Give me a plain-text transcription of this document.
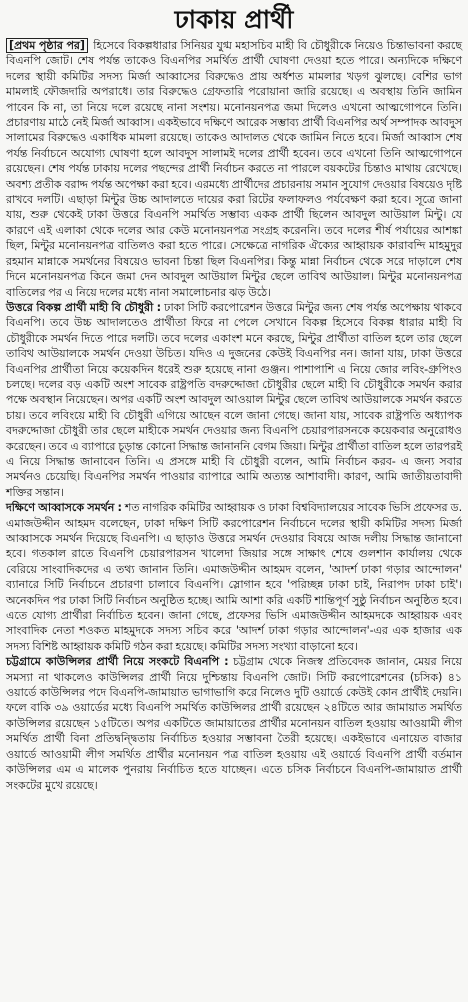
ঢাকায় প্রার্থী

[প্রথম পৃষ্ঠার পর] হিসেবে বিকল্পধারার সিনিয়র যুগ্ম মহাসচিব মাহী বি চৌধুরীকে নিয়েও চিন্তাভাবনা করছে বিএনপি জোট। শেষ পর্যন্ত তাকেও বিএনপির সমর্থিত প্রার্থী ঘোষণা দেওয়া হতে পারে। অন্যদিকে দক্ষিণে দলের স্থায়ী কমিটির সদস্য মির্জা আব্বাসের বিরুদ্ধেও প্রায় অর্ধশত মামলার খড়গ ঝুলছে। বেশির ভাগ মামলাই ফৌজদারি অপরাধে। তার বিরুদ্ধেও গ্রেফতারি পরোয়ানা জারি রয়েছে। এ অবস্থায় তিনি জামিন পাবেন কি না, তা নিয়ে দলে রয়েছে নানা সংশয়। মনোনয়নপত্র জমা দিলেও এখনো আত্মগোপনে তিনি। প্রচারণায় মাঠে নেই মির্জা আব্বাস। একইভাবে দক্ষিণে আরেক সম্ভাব্য প্রার্থী বিএনপির অর্থ সম্পাদক আবদুস সালামের বিরুদ্ধেও একাধিক মামলা রয়েছে। তাকেও আদালত থেকে জামিন নিতে হবে। মির্জা আব্বাস শেষ পর্যন্ত নির্বাচনে অযোগ্য ঘোষণা হলে আবদুস সালামই দলের প্রার্থী হবেন। তবে এখনো তিনি আত্মগোপনে রয়েছেন। শেষ পর্যন্ত ঢাকায় দলের পছন্দের প্রার্থী নির্বাচন করতে না পারলে বয়কটের চিন্তাও মাথায় রেখেছে। অবশ্য প্রতীক বরাদ্দ পর্যন্ত অপেক্ষা করা হবে। এরমধ্যে প্রার্থীদের প্রচারনায় সমান সুযোগ দেওয়ার বিষয়েও দৃষ্টি রাখবে দলটি। এছাড়া মিন্টুর উচ্চ আদালতে দায়ের করা রিটের ফলাফলও পর্যবেক্ষণ করা হবে। সূত্রে জানা যায়, শুরু থেকেই ঢাকা উত্তরে বিএনপি সমর্থিত সম্ভাব্য একক প্রার্থী ছিলেন আবদুল আউয়াল মিন্টু। যে কারণে এই এলাকা থেকে দলের আর কেউ মনোনয়নপত্র সংগ্রহ করেননি। তবে দলের শীর্ষ পর্যায়ের আশঙ্কা ছিল, মিন্টুর মনোনয়নপত্র বাতিলও করা হতে পারে। সেক্ষেত্রে নাগরিক ঐক্যের আহ্বায়ক কারাবন্দি মাহমুদুর রহমান মান্নাকে সমর্থনের বিষয়েও ভাবনা চিন্তা ছিল বিএনপির। কিন্তু মান্না নির্বাচন থেকে সরে দাড়ালে শেষ দিনে মনোনয়নপত্র কিনে জমা দেন আবদুল আউয়াল মিন্টুর ছেলে তাবিথ আউয়াল। মিন্টুর মনোনয়নপত্র বাতিলের পর এ নিয়ে দলের মধ্যে নানা সমালোচনার ঝড় উঠে।

উত্তরে বিকল্প প্রার্থী মাহী বি চৌধুরী : ঢাকা সিটি করপোরেশন উত্তরে মিন্টুর জন্য শেষ পর্যন্ত অপেক্ষায় থাকবে বিএনপি। তবে উচ্চ আদালতেও প্রার্থীতা ফিরে না পেলে সেখানে বিকল্প হিসেবে বিকল্প ধারার মাহী বি চৌধুরীকে সমর্থন দিতে পারে দলটি। তবে দলের একাংশ মনে করছে, মিন্টুর প্রার্থীতা বাতিল হলে তার ছেলে তাবিথ আউয়ালকে সমর্থন দেওয়া উচিত। যদিও এ দুজনের কেউই বিএনপির নন। জানা যায়, ঢাকা উত্তরে বিএনপির প্রার্থীতা নিয়ে কয়েকদিন ধরেই শুরু হয়েছে নানা গুঞ্জন। পাশাপাশি এ নিয়ে জোর লবিং-গ্রুপিংও চলছে। দলের বড় একটি অংশ সাবেক রাষ্ট্রপতি বদরুদ্দোজা চৌধুরীর ছেলে মাহী বি চৌধুরীকে সমর্থন করার পক্ষে অবস্থান নিয়েছেন। অপর একটি অংশ আবদুল আওয়াল মিন্টুর ছেলে তাবিথ আউয়ালকে সমর্থন করতে চায়। তবে লবিংয়ে মাহী বি চৌধুরী এগিয়ে আছেন বলে জানা গেছে। জানা যায়, সাবেক রাষ্ট্রপতি অধ্যাপক বদরুদ্দোজা চৌধুরী তার ছেলে মাহীকে সমর্থন দেওয়ার জন্য বিএনপি চেয়ারপারসনকে কয়েকবার অনুরোধও করেছেন। তবে এ ব্যাপারে চূড়ান্ত কোনো সিদ্ধান্ত জানাননি বেগম জিয়া। মিন্টুর প্রার্থীতা বাতিল হলে তারপরই এ নিয়ে সিদ্ধান্ত জানাবেন তিনি। এ প্রসঙ্গে মাহী বি চৌধুরী বলেন, আমি নির্বাচন করব- এ জন্য সবার সমর্থনও চেয়েছি। বিএনপির সমর্থন পাওয়ার ব্যাপারে আমি অত্যন্ত আশাবাদী। কারণ, আমি জাতীয়তাবাদী শক্তির সন্তান।

দক্ষিণে আব্বাসকে সমর্থন : শত নাগরিক কমিটির আহ্বায়ক ও ঢাকা বিশ্ববিদ্যালয়ের সাবেক ভিসি প্রফেসর ড. এমাজউদ্দীন আহমদ বলেছেন, ঢাকা দক্ষিণ সিটি করপোরেশন নির্বাচনে দলের স্থায়ী কমিটির সদস্য মির্জা আব্বাসকে সমর্থন দিয়েছে বিএনপি। এ ছাড়াও উত্তরে সমর্থন দেওয়ার বিষয়ে আজ দলীয় সিদ্ধান্ত জানানো হবে। গতকাল রাতে বিএনপি চেয়ারপারসন খালেদা জিয়ার সঙ্গে সাক্ষাৎ শেষে গুলশান কার্যালয় থেকে বেরিয়ে সাংবাদিকদের এ তথ্য জানান তিনি। এমাজউদ্দীন আহমদ বলেন, 'আদর্শ ঢাকা গড়ার আন্দোলন' ব্যানারে সিটি নির্বাচনে প্রচারণা চালাবে বিএনপি। স্লোগান হবে 'পরিচ্ছন্ন ঢাকা চাই, নিরাপদ ঢাকা চাই'। অনেকদিন পর ঢাকা সিটি নির্বাচন অনুষ্ঠিত হচ্ছে। আমি আশা করি একটি শান্তিপূর্ণ সুষ্ঠু নির্বাচন অনুষ্ঠিত হবে। এতে যোগ্য প্রার্থীরা নির্বাচিত হবেন। জানা গেছে, প্রফেসর ভিসি এমাজউদ্দীন আহমদকে আহ্বায়ক এবং সাংবাদিক নেতা শওকত মাহমুদকে সদস্য সচিব করে 'আদর্শ ঢাকা গড়ার আন্দোলন'-এর এক হাজার এক সদস্য বিশিষ্ট আহ্বায়ক কমিটি গঠন করা হয়েছে। কমিটির সদস্য সংখ্যা বাড়ানো হবে।

চট্টগ্রামে কাউন্সিলর প্রার্থী নিয়ে সংকটে বিএনপি : চট্টগ্রাম থেকে নিজস্ব প্রতিবেদক জানান, মেয়র নিয়ে সমস্যা না থাকলেও কাউন্সিলর প্রার্থী নিয়ে দুশ্চিন্তায় বিএনপি জোট। সিটি করপোরেশনের (চসিক) ৪১ ওয়ার্ডে কাউন্সিলর পদে বিএনপি-জামায়াত ভাগাভাগি করে নিলেও দুটি ওয়ার্ডে কেউই কোন প্রার্থীই দেয়নি। ফলে বাকি ৩৯ ওয়ার্ডের মধ্যে বিএনপি সমর্থিত কাউন্সিলর প্রার্থী রয়েছেন ২৪টিতে আর জামায়াত সমর্থিত কাউন্সিলর রয়েছেন ১৫টিতে। অপর একটিতে জামায়াতের প্রার্থীর মনোনয়ন বাতিল হওয়ায় আওয়ামী লীগ সমর্থিত প্রার্থী বিনা প্রতিদ্বন্দ্বিতায় নির্বাচিত হওয়ার সম্ভাবনা তৈরী হয়েছে। একইভাবে এনায়েত বাজার ওয়ার্ডে আওয়ামী লীগ সমর্থিত প্রার্থীর মনোনয়ন পত্র বাতিল হওয়ায় এই ওয়ার্ডে বিএনপি প্রার্থী বর্তমান কাউন্সিলর এম এ মালেক পুনরায় নির্বাচিত হতে যাচ্ছেন। এতে চসিক নির্বাচনে বিএনপি-জামায়াত প্রার্থী সংকটের মুখে রয়েছে।
